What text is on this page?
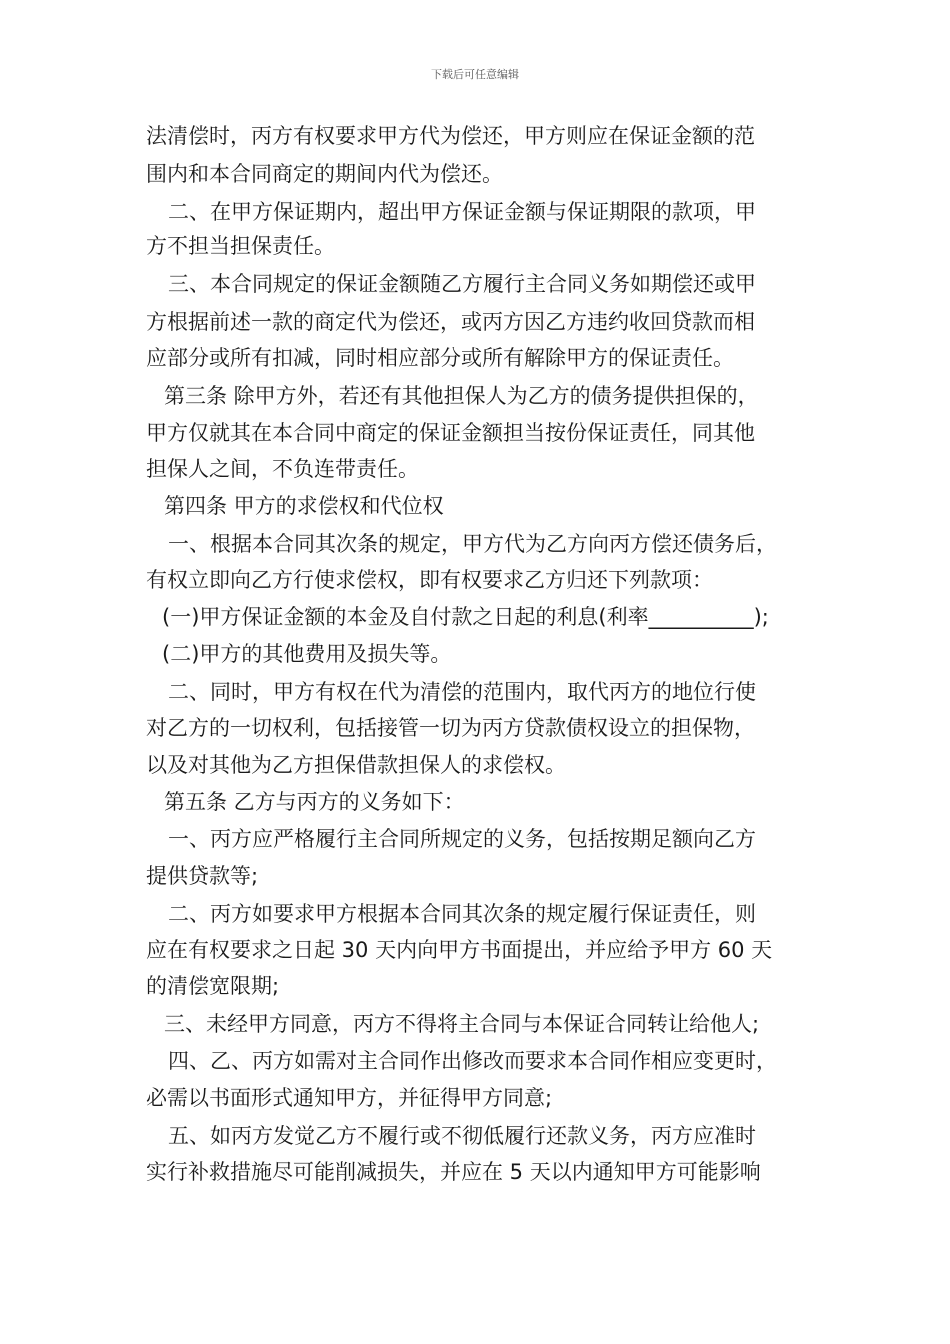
下载后可任意编辑
法清偿时，丙方有权要求甲方代为偿还，甲方则应在保证金额的范
围内和本合同商定的期间内代为偿还。
二、在甲方保证期内，超出甲方保证金额与保证期限的款项，甲
方不担当担保责任。
三、本合同规定的保证金额随乙方履行主合同义务如期偿还或甲
方根据前述一款的商定代为偿还，或丙方因乙方违约收回贷款而相
应部分或所有扣减，同时相应部分或所有解除甲方的保证责任。
第三条 除甲方外，若还有其他担保人为乙方的债务提供担保的，
甲方仅就其在本合同中商定的保证金额担当按份保证责任，同其他
担保人之间，不负连带责任。
第四条 甲方的求偿权和代位权
一、根据本合同其次条的规定，甲方代为乙方向丙方偿还债务后，
有权立即向乙方行使求偿权，即有权要求乙方归还下列款项：
(一)甲方保证金额的本金及自付款之日起的利息(利率__________);
(二)甲方的其他费用及损失等。
二、同时，甲方有权在代为清偿的范围内，取代丙方的地位行使
对乙方的一切权利，包括接管一切为丙方贷款债权设立的担保物，
以及对其他为乙方担保借款担保人的求偿权。
第五条 乙方与丙方的义务如下：
一、丙方应严格履行主合同所规定的义务，包括按期足额向乙方
提供贷款等;
二、丙方如要求甲方根据本合同其次条的规定履行保证责任，则
应在有权要求之日起 30 天内向甲方书面提出，并应给予甲方 60 天
的清偿宽限期;
三、未经甲方同意，丙方不得将主合同与本保证合同转让给他人;
四、乙、丙方如需对主合同作出修改而要求本合同作相应变更时，
必需以书面形式通知甲方，并征得甲方同意;
五、如丙方发觉乙方不履行或不彻低履行还款义务，丙方应准时
实行补救措施尽可能削减损失，并应在 5 天以内通知甲方可能影响
